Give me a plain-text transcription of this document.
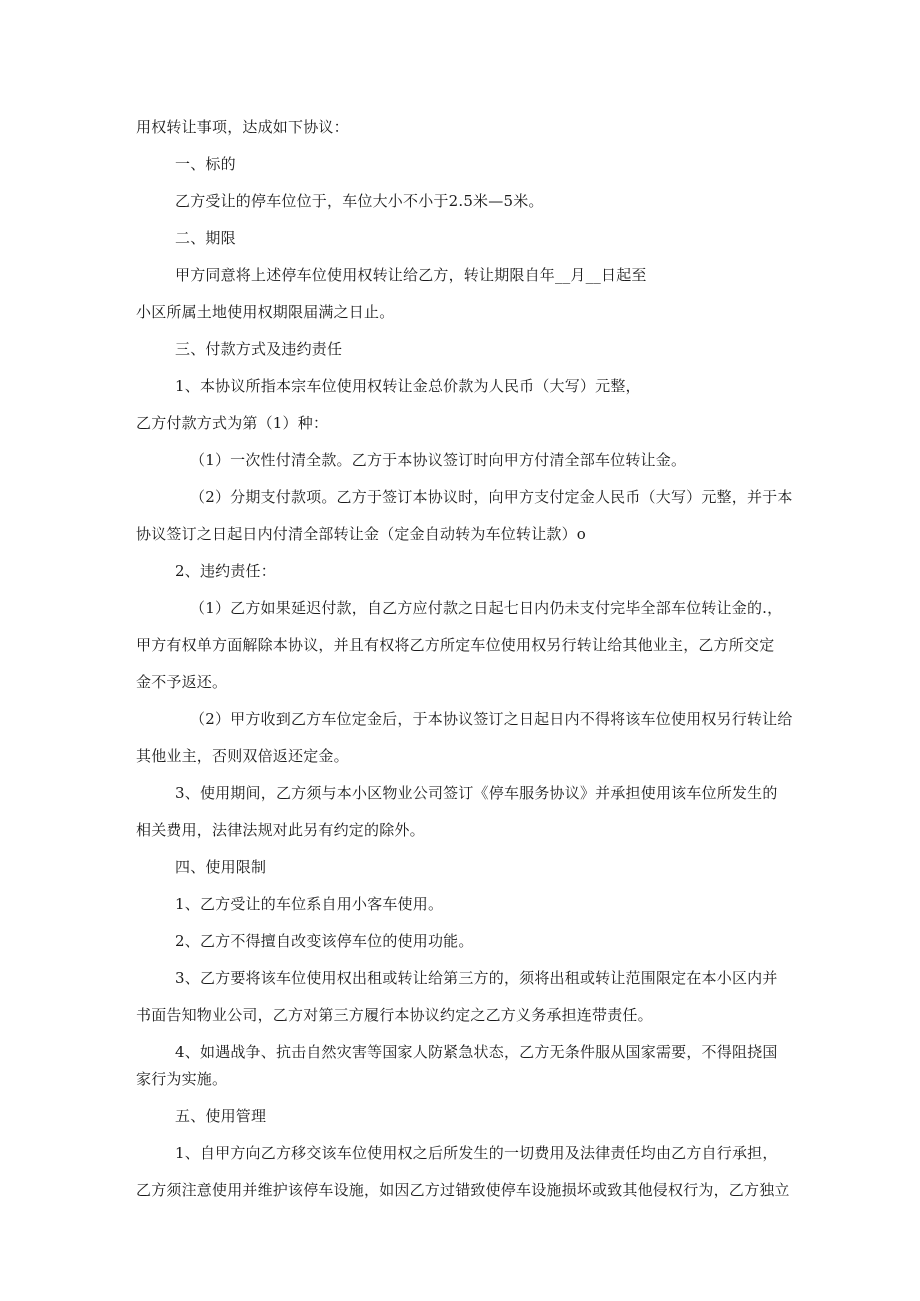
用权转让事项，达成如下协议：
一、标的
乙方受让的停车位位于，车位大小不小于2.5米—5米。
二、期限
甲方同意将上述停车位使用权转让给乙方，转让期限自年__月__日起至
小区所属土地使用权期限届满之日止。
三、付款方式及违约责任
1、本协议所指本宗车位使用权转让金总价款为人民币（大写）元整，
乙方付款方式为第（1）种：
（1）一次性付清全款。乙方于本协议签订时向甲方付清全部车位转让金。
（2）分期支付款项。乙方于签订本协议时，向甲方支付定金人民币（大写）元整，并于本
协议签订之日起日内付清全部转让金（定金自动转为车位转让款）o
2、违约责任：
（1）乙方如果延迟付款，自乙方应付款之日起七日内仍未支付完毕全部车位转让金的.，
甲方有权单方面解除本协议，并且有权将乙方所定车位使用权另行转让给其他业主，乙方所交定
金不予返还。
（2）甲方收到乙方车位定金后，于本协议签订之日起日内不得将该车位使用权另行转让给
其他业主，否则双倍返还定金。
3、使用期间，乙方须与本小区物业公司签订《停车服务协议》并承担使用该车位所发生的
相关费用，法律法规对此另有约定的除外。
四、使用限制
1、乙方受让的车位系自用小客车使用。
2、乙方不得擅自改变该停车位的使用功能。
3、乙方要将该车位使用权出租或转让给第三方的，须将出租或转让范围限定在本小区内并
书面告知物业公司，乙方对第三方履行本协议约定之乙方义务承担连带责任。
4、如遇战争、抗击自然灾害等国家人防紧急状态，乙方无条件服从国家需要，不得阻挠国
家行为实施。
五、使用管理
1、自甲方向乙方移交该车位使用权之后所发生的一切费用及法律责任均由乙方自行承担，
乙方须注意使用并维护该停车设施，如因乙方过错致使停车设施损坏或致其他侵权行为，乙方独立
